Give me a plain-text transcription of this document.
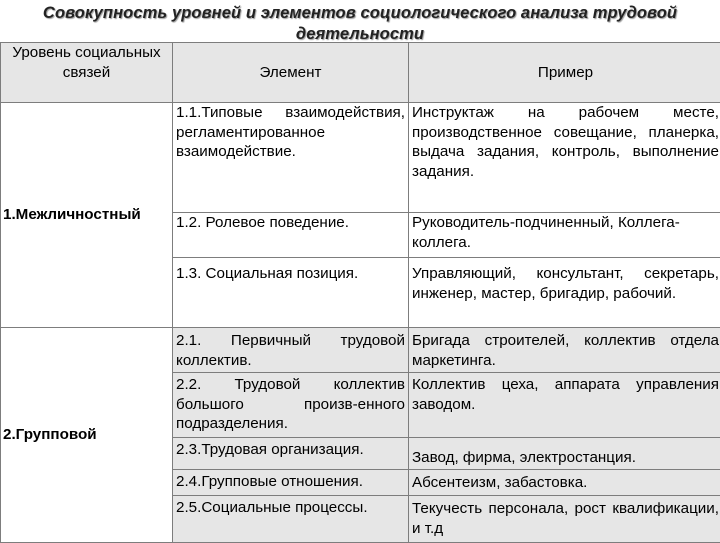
Совокупность уровней и элементов социологического анализа трудовой деятельности
Уровень социальных связей	Элемент	Пример
1.Межличностный	1.1.Типовые взаимодействия, регламентированное взаимодействие.	Инструктаж на рабочем месте, производственное совещание, планерка, выдача задания, контроль, выполнение задания.
	1.2. Ролевое поведение.	Руководитель-подчиненный, Коллега-коллега.
	1.3. Социальная позиция.	Управляющий, консультант, секретарь, инженер, мастер, бригадир, рабочий.
2.Групповой	2.1. Первичный трудовой коллектив.	Бригада строителей, коллектив отдела маркетинга.
	2.2. Трудовой коллектив большого произв-енного подразделения.	Коллектив цеха, аппарата управления заводом.
	2.3.Трудовая организация.	Завод, фирма, электростанция.
	2.4.Групповые отношения.	Абсентеизм, забастовка.
	2.5.Социальные процессы.	Текучесть персонала, рост квалификации, и т.д
